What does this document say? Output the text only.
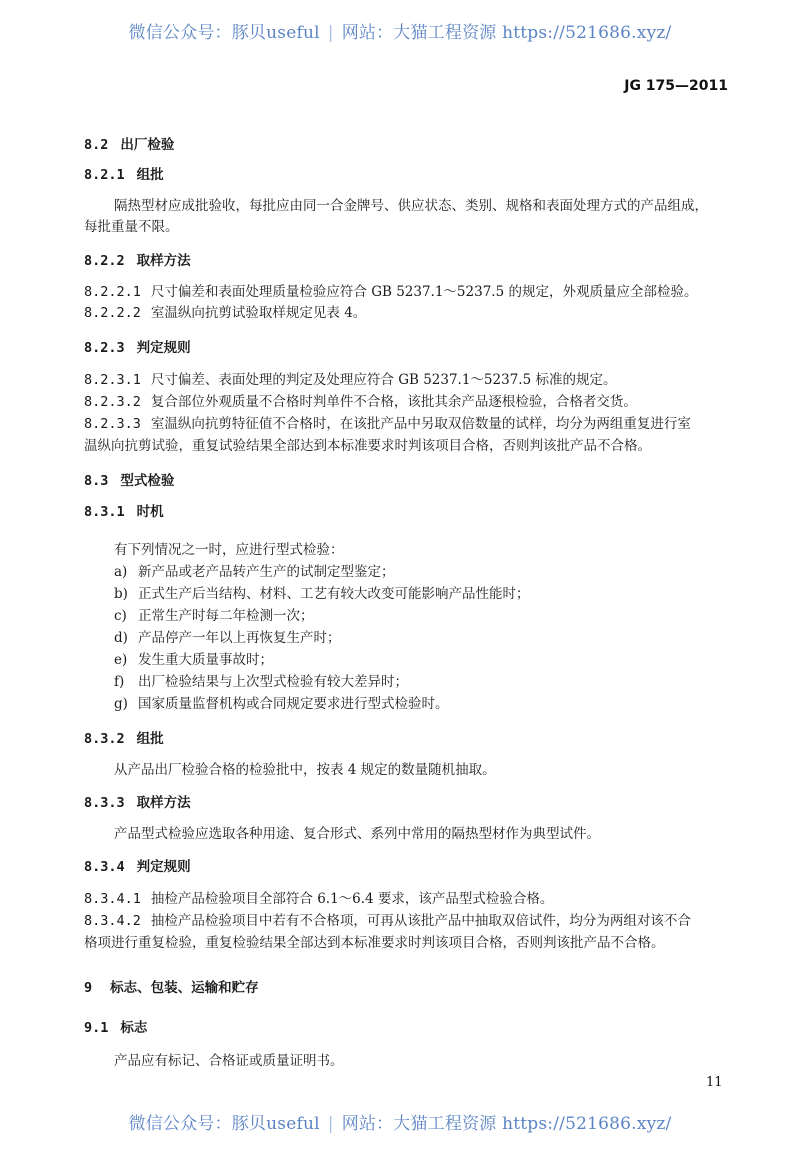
微信公众号：豚贝useful | 网站：大猫工程资源 https://521686.xyz/
JG 175—2011
8.2 出厂检验
8.2.1 组批
隔热型材应成批验收，每批应由同一合金牌号、供应状态、类别、规格和表面处理方式的产品组成，
每批重量不限。
8.2.2 取样方法
8.2.2.1 尺寸偏差和表面处理质量检验应符合 GB 5237.1～5237.5 的规定，外观质量应全部检验。
8.2.2.2 室温纵向抗剪试验取样规定见表 4。
8.2.3 判定规则
8.2.3.1 尺寸偏差、表面处理的判定及处理应符合 GB 5237.1～5237.5 标准的规定。
8.2.3.2 复合部位外观质量不合格时判单件不合格，该批其余产品逐根检验，合格者交货。
8.2.3.3 室温纵向抗剪特征值不合格时，在该批产品中另取双倍数量的试样，均分为两组重复进行室
温纵向抗剪试验，重复试验结果全部达到本标准要求时判该项目合格，否则判该批产品不合格。
8.3 型式检验
8.3.1 时机
有下列情况之一时，应进行型式检验：
a) 新产品或老产品转产生产的试制定型鉴定；
b) 正式生产后当结构、材料、工艺有较大改变可能影响产品性能时；
c) 正常生产时每二年检测一次；
d) 产品停产一年以上再恢复生产时；
e) 发生重大质量事故时；
f) 出厂检验结果与上次型式检验有较大差异时；
g) 国家质量监督机构或合同规定要求进行型式检验时。
8.3.2 组批
从产品出厂检验合格的检验批中，按表 4 规定的数量随机抽取。
8.3.3 取样方法
产品型式检验应选取各种用途、复合形式、系列中常用的隔热型材作为典型试件。
8.3.4 判定规则
8.3.4.1 抽检产品检验项目全部符合 6.1～6.4 要求，该产品型式检验合格。
8.3.4.2 抽检产品检验项目中若有不合格项，可再从该批产品中抽取双倍试件，均分为两组对该不合
格项进行重复检验，重复检验结果全部达到本标准要求时判该项目合格，否则判该批产品不合格。
9 标志、包装、运输和贮存
9.1 标志
产品应有标记、合格证或质量证明书。
11
微信公众号：豚贝useful | 网站：大猫工程资源 https://521686.xyz/
